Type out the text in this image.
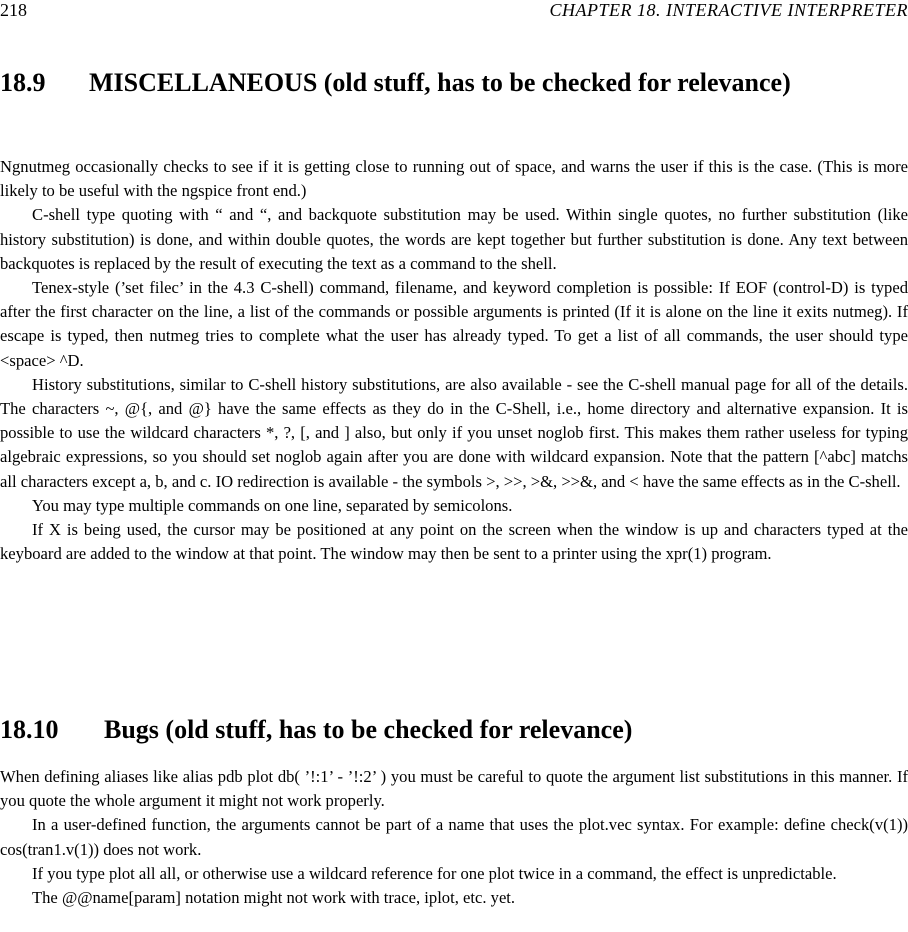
218	CHAPTER 18. INTERACTIVE INTERPRETER
18.9 MISCELLANEOUS (old stuff, has to be checked for relevance)

Ngnutmeg occasionally checks to see if it is getting close to running out of space, and warns the user if this is the case. (This is more likely to be useful with the ngspice front end.)

C-shell type quoting with “ and “, and backquote substitution may be used. Within single quotes, no further substitution (like history substitution) is done, and within double quotes, the words are kept together but further substitution is done. Any text between backquotes is replaced by the result of executing the text as a command to the shell.

Tenex-style (’set filec’ in the 4.3 C-shell) command, filename, and keyword completion is possible: If EOF (control-D) is typed after the first character on the line, a list of the commands or possible arguments is printed (If it is alone on the line it exits nutmeg). If escape is typed, then nutmeg tries to complete what the user has already typed. To get a list of all commands, the user should type <space> ^D.

History substitutions, similar to C-shell history substitutions, are also available - see the C-shell manual page for all of the details. The characters ~, @{, and @} have the same effects as they do in the C-Shell, i.e., home directory and alternative expansion. It is possible to use the wildcard characters *, ?, [, and ] also, but only if you unset noglob first. This makes them rather useless for typing algebraic expressions, so you should set noglob again after you are done with wildcard expansion. Note that the pattern [^abc] matchs all characters except a, b, and c. IO redirection is available - the symbols >, >>, >&, >>&, and < have the same effects as in the C-shell.

You may type multiple commands on one line, separated by semicolons.

If X is being used, the cursor may be positioned at any point on the screen when the window is up and characters typed at the keyboard are added to the window at that point. The window may then be sent to a printer using the xpr(1) program.

18.10 Bugs (old stuff, has to be checked for relevance)

When defining aliases like alias pdb plot db( ’!:1’ - ’!:2’ ) you must be careful to quote the argument list substitutions in this manner. If you quote the whole argument it might not work properly.

In a user-defined function, the arguments cannot be part of a name that uses the plot.vec syntax. For example: define check(v(1)) cos(tran1.v(1)) does not work.

If you type plot all all, or otherwise use a wildcard reference for one plot twice in a command, the effect is unpredictable.

The @@name[param] notation might not work with trace, iplot, etc. yet.
